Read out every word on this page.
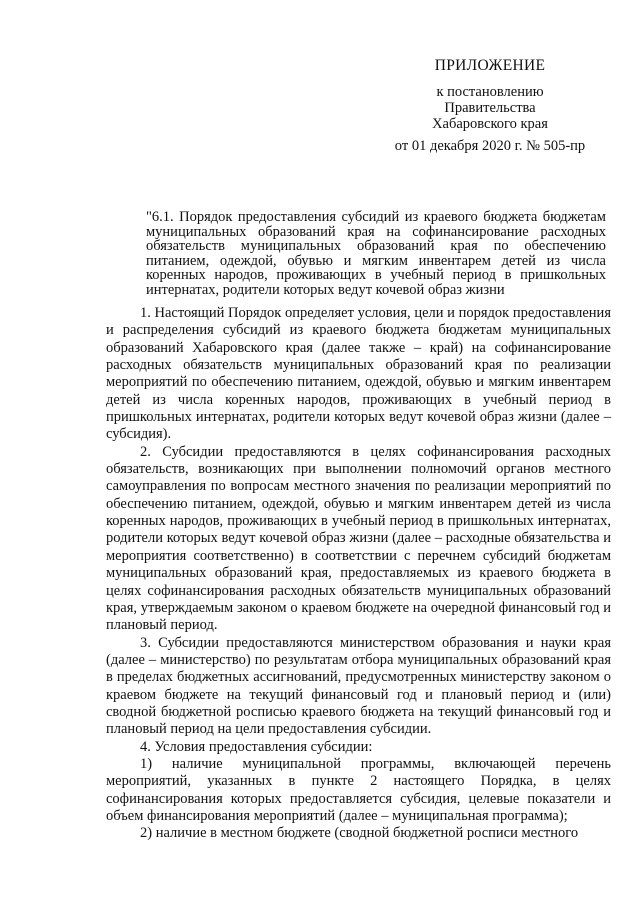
ПРИЛОЖЕНИЕ
к постановлению
Правительства
Хабаровского края
от 01 декабря 2020 г. № 505-пр
"6.1. Порядок предоставления субсидий из краевого бюджета бюджетам муниципальных образований края на софинансирование расходных обязательств муниципальных образований края по обеспечению питанием, одеждой, обувью и мягким инвентарем детей из числа коренных народов, проживающих в учебный период в пришкольных интернатах, родители которых ведут кочевой образ жизни

1. Настоящий Порядок определяет условия, цели и порядок предоставления и распределения субсидий из краевого бюджета бюджетам муниципальных образований Хабаровского края (далее также – край) на софинансирование расходных обязательств муниципальных образований края по реализации мероприятий по обеспечению питанием, одеждой, обувью и мягким инвентарем детей из числа коренных народов, проживающих в учебный период в пришкольных интернатах, родители которых ведут кочевой образ жизни (далее – субсидия).

2. Субсидии предоставляются в целях софинансирования расходных обязательств, возникающих при выполнении полномочий органов местного самоуправления по вопросам местного значения по реализации мероприятий по обеспечению питанием, одеждой, обувью и мягким инвентарем детей из числа коренных народов, проживающих в учебный период в пришкольных интернатах, родители которых ведут кочевой образ жизни (далее – расходные обязательства и мероприятия соответственно) в соответствии с перечнем субсидий бюджетам муниципальных образований края, предоставляемых из краевого бюджета в целях софинансирования расходных обязательств муниципальных образований края, утверждаемым законом о краевом бюджете на очередной финансовый год и плановый период.

3. Субсидии предоставляются министерством образования и науки края (далее – министерство) по результатам отбора муниципальных образований края в пределах бюджетных ассигнований, предусмотренных министерству законом о краевом бюджете на текущий финансовый год и плановый период и (или) сводной бюджетной росписью краевого бюджета на текущий финансовый год и плановый период на цели предоставления субсидии.

4. Условия предоставления субсидии:

1) наличие муниципальной программы, включающей перечень мероприятий, указанных в пункте 2 настоящего Порядка, в целях софинансирования которых предоставляется субсидия, целевые показатели и объем финансирования мероприятий (далее – муниципальная программа);

2) наличие в местном бюджете (сводной бюджетной росписи местного
